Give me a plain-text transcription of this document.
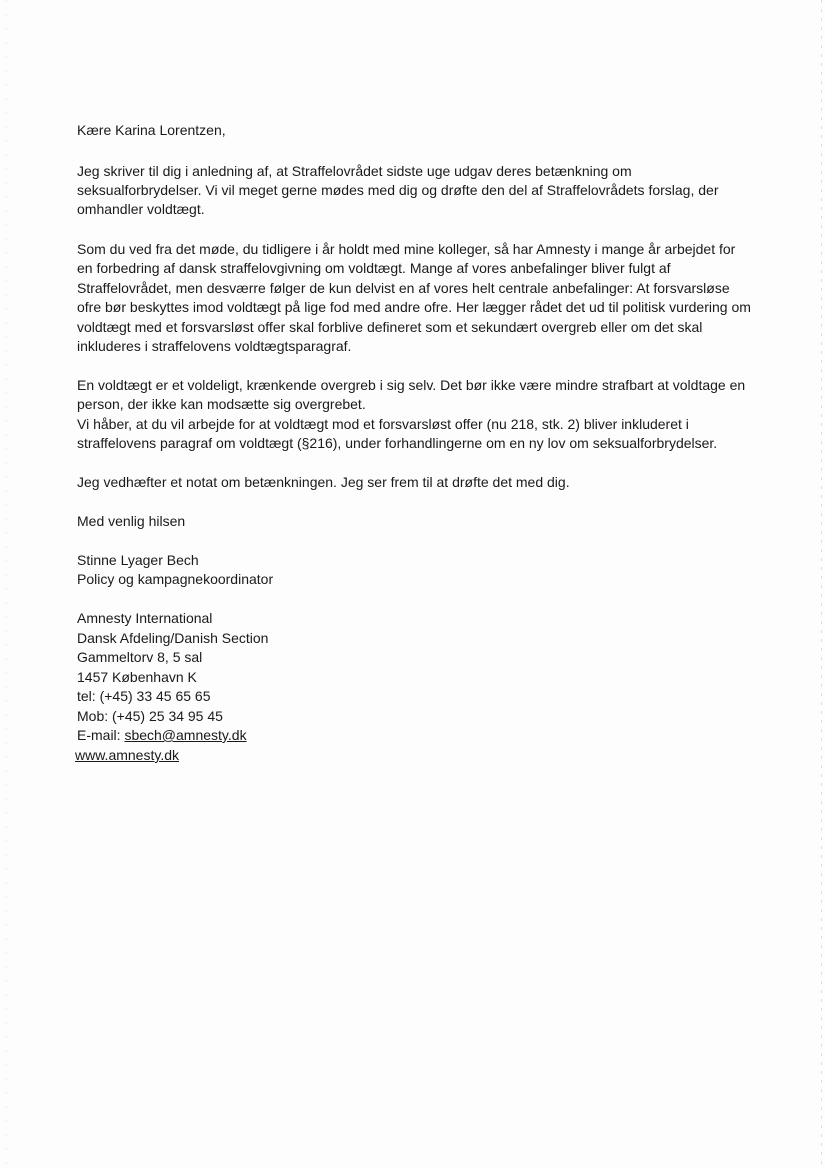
Kære Karina Lorentzen,
Jeg skriver til dig i anledning af, at Straffelovrådet sidste uge udgav deres betænkning om
seksualforbrydelser. Vi vil meget gerne mødes med dig og drøfte den del af Straffelovrådets forslag, der
omhandler voldtægt.
Som du ved fra det møde, du tidligere i år holdt med mine kolleger, så har Amnesty i mange år arbejdet for
en forbedring af dansk straffelovgivning om voldtægt. Mange af vores anbefalinger bliver fulgt af
Straffelovrådet, men desværre følger de kun delvist en af vores helt centrale anbefalinger: At forsvarsløse
ofre bør beskyttes imod voldtægt på lige fod med andre ofre. Her lægger rådet det ud til politisk vurdering om
voldtægt med et forsvarsløst offer skal forblive defineret som et sekundært overgreb eller om det skal
inkluderes i straffelovens voldtægtsparagraf.
En voldtægt er et voldeligt, krænkende overgreb i sig selv. Det bør ikke være mindre strafbart at voldtage en
person, der ikke kan modsætte sig overgrebet.
Vi håber, at du vil arbejde for at voldtægt mod et forsvarsløst offer (nu 218, stk. 2) bliver inkluderet i
straffelovens paragraf om voldtægt (§216), under forhandlingerne om en ny lov om seksualforbrydelser.
Jeg vedhæfter et notat om betænkningen. Jeg ser frem til at drøfte det med dig.
Med venlig hilsen
Stinne Lyager Bech
Policy og kampagnekoordinator
Amnesty International
Dansk Afdeling/Danish Section
Gammeltorv 8, 5 sal
1457 København K
tel: (+45) 33 45 65 65
Mob: (+45) 25 34 95 45
E-mail: sbech@amnesty.dk
www.amnesty.dk
